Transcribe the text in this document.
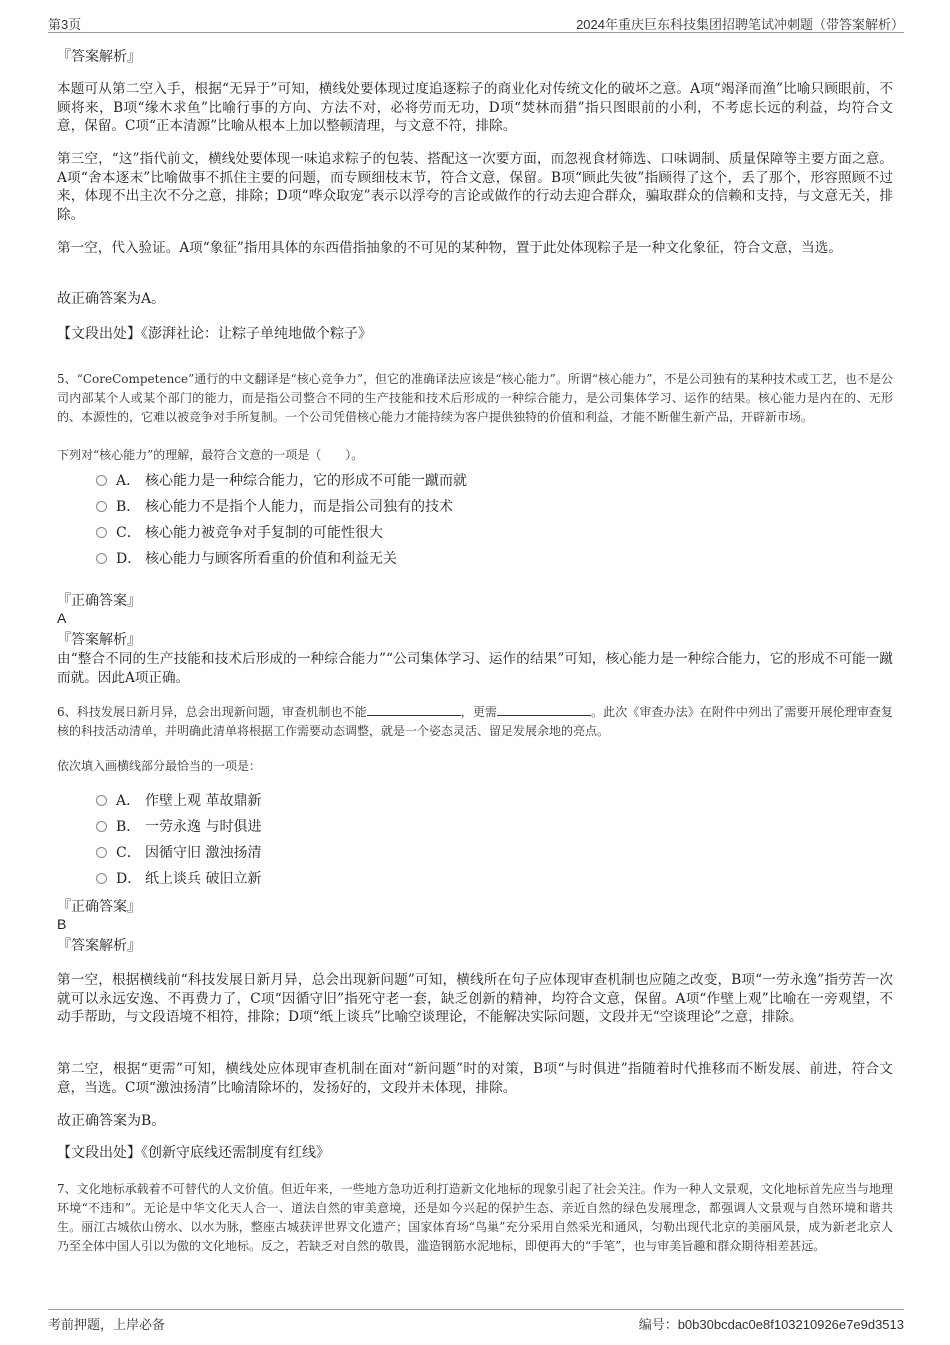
第3页	2024年重庆巨东科技集团招聘笔试冲刺题（带答案解析）
『答案解析』

本题可从第二空入手，根据“无异于”可知，横线处要体现过度追逐粽子的商业化对传统文化的破坏之意。A项“竭泽而渔”比喻只顾眼前，不顾将来，B项“缘木求鱼”比喻行事的方向、方法不对，必将劳而无功，D项“焚林而猎”指只图眼前的小利，不考虑长远的利益，均符合文意，保留。C项“正本清源”比喻从根本上加以整顿清理，与文意不符，排除。

第三空，“这”指代前文，横线处要体现一味追求粽子的包装、搭配这一次要方面，而忽视食材筛选、口味调制、质量保障等主要方面之意。A项“舍本逐末”比喻做事不抓住主要的问题，而专顾细枝末节，符合文意，保留。B项“顾此失彼”指顾得了这个，丢了那个，形容照顾不过来，体现不出主次不分之意，排除；D项“哗众取宠”表示以浮夸的言论或做作的行动去迎合群众，骗取群众的信赖和支持，与文意无关，排除。

第一空，代入验证。A项“象征”指用具体的东西借指抽象的不可见的某种物，置于此处体现粽子是一种文化象征，符合文意，当选。

故正确答案为A。
【文段出处】《澎湃社论：让粽子单纯地做个粽子》
5、“CoreCompetence”通行的中文翻译是“核心竞争力”，但它的准确译法应该是“核心能力”。所谓“核心能力”，不是公司独有的某种技术或工艺，也不是公司内部某个人或某个部门的能力，而是指公司整合不同的生产技能和技术后形成的一种综合能力，是公司集体学习、运作的结果。核心能力是内在的、无形的、本源性的，它难以被竞争对手所复制。一个公司凭借核心能力才能持续为客户提供独特的价值和利益，才能不断催生新产品，开辟新市场。
下列对“核心能力”的理解，最符合文意的一项是（　　）。
A． 核心能力是一种综合能力，它的形成不可能一蹴而就
B． 核心能力不是指个人能力，而是指公司独有的技术
C． 核心能力被竞争对手复制的可能性很大
D． 核心能力与顾客所看重的价值和利益无关
『正确答案』
A
『答案解析』

由“整合不同的生产技能和技术后形成的一种综合能力”“公司集体学习、运作的结果”可知，核心能力是一种综合能力，它的形成不可能一蹴而就。因此A项正确。

6、科技发展日新月异，总会出现新问题，审查机制也不能	，更需	。此次《审查办法》在附件中列出了需要开展伦理审查复核的科技活动清单，并明确此清单将根据工作需要动态调整，就是一个姿态灵活、留足发展余地的亮点。
依次填入画横线部分最恰当的一项是：
A． 作壁上观 革故鼎新
B． 一劳永逸 与时俱进
C． 因循守旧 激浊扬清
D． 纸上谈兵 破旧立新
『正确答案』
B
『答案解析』

第一空，根据横线前“科技发展日新月异，总会出现新问题”可知，横线所在句子应体现审查机制也应随之改变，B项“一劳永逸”指劳苦一次就可以永远安逸、不再费力了，C项“因循守旧”指死守老一套，缺乏创新的精神，均符合文意，保留。A项“作壁上观”比喻在一旁观望，不动手帮助，与文段语境不相符，排除；D项“纸上谈兵”比喻空谈理论，不能解决实际问题，文段并无“空谈理论”之意，排除。

第二空，根据“更需”可知，横线处应体现审查机制在面对“新问题”时的对策，B项“与时俱进”指随着时代推移而不断发展、前进，符合文意，当选。C项“激浊扬清”比喻清除坏的，发扬好的，文段并未体现，排除。

故正确答案为B。
【文段出处】《创新守底线还需制度有红线》
7、文化地标承载着不可替代的人文价值。但近年来，一些地方急功近利打造新文化地标的现象引起了社会关注。作为一种人文景观，文化地标首先应当与地理环境“不违和”。无论是中华文化天人合一、道法自然的审美意境，还是如今兴起的保护生态、亲近自然的绿色发展理念，都强调人文景观与自然环境和谐共生。丽江古城依山傍水、以水为脉，整座古城获评世界文化遗产；国家体育场“鸟巢”充分采用自然采光和通风，匀勒出现代北京的美丽风景，成为新老北京人乃至全体中国人引以为傲的文化地标。反之，若缺乏对自然的敬畏，滥造钢筋水泥地标，即便再大的“手笔”，也与审美旨趣和群众期待相差甚远。
考前押题，上岸必备	编号：b0b30bcdac0e8f103210926e7e9d3513
